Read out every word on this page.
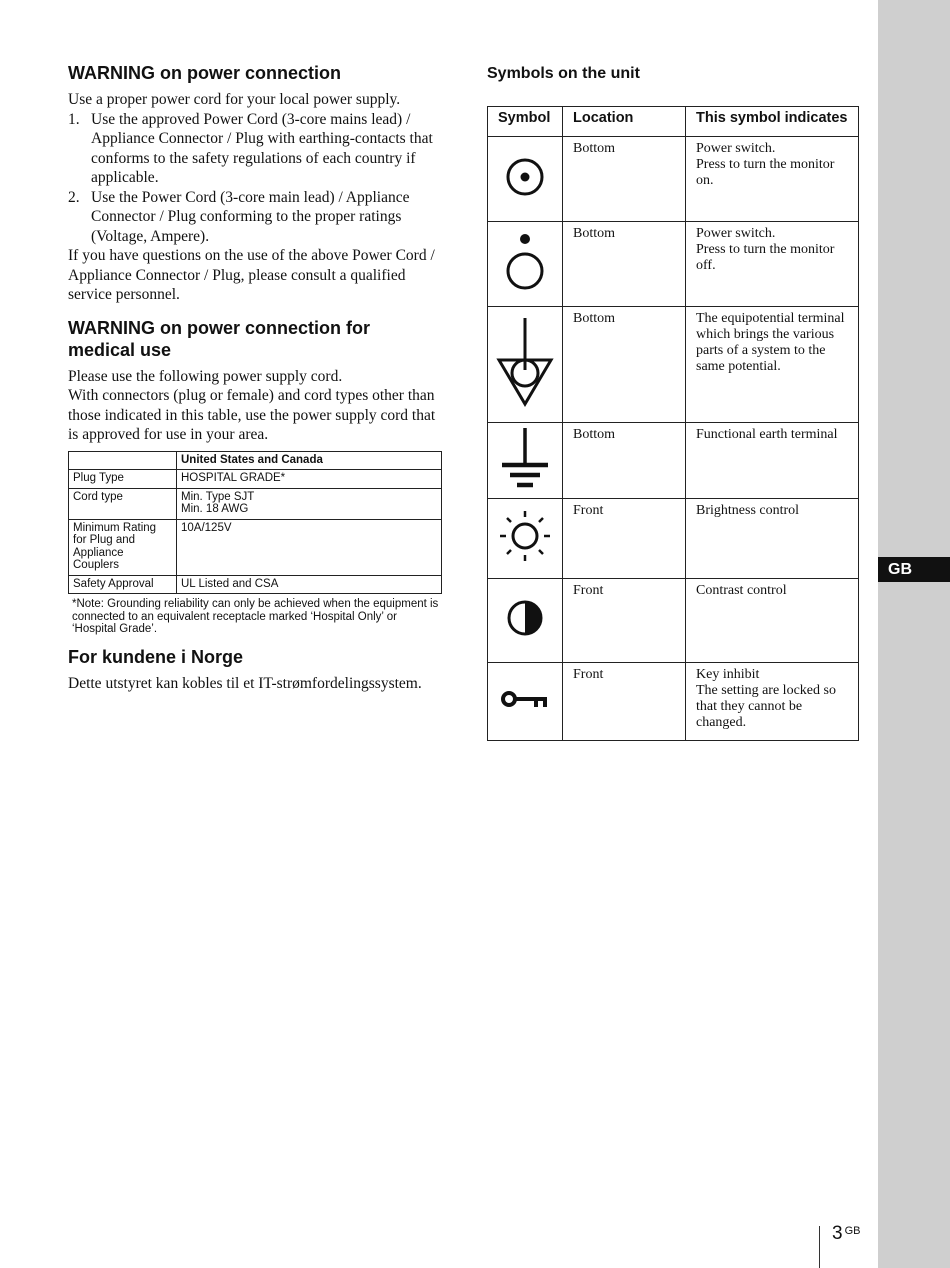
GB
WARNING on power connection

Use a proper power cord for your local power supply.

1. Use the approved Power Cord (3-core mains lead) / Appliance Connector / Plug with earthing-contacts that conforms to the safety regulations of each country if applicable.
2. Use the Power Cord (3-core main lead) / Appliance Connector / Plug conforming to the proper ratings (Voltage, Ampere).

If you have questions on the use of the above Power Cord / Appliance Connector / Plug, please consult a qualified service personnel.

WARNING on power connection for medical use

Please use the following power supply cord.

With connectors (plug or female) and cord types other than those indicated in this table, use the power supply cord that is approved for use in your area.

	United States and Canada
Plug Type	HOSPITAL GRADE*
Cord type	Min. Type SJT
Min. 18 AWG

Minimum Rating
for Plug and
Appliance
Couplers	10A/125V
Safety Approval	UL Listed and CSA

*Note: Grounding reliability can only be achieved when the equipment is connected to an equivalent receptacle marked ‘Hospital Only’ or ‘Hospital Grade’.

For kundene i Norge

Dette utstyret kan kobles til et IT-strømfordelingssystem.

Symbols on the unit
Symbol	Location	This symbol indicates
	Bottom	Power switch.
Press to turn the monitor on.

	Bottom	Power switch.
Press to turn the monitor off.

	Bottom	The equipotential terminal which brings the various parts of a system to the same potential.
	Bottom	Functional earth terminal
	Front	Brightness control
	Front	Contrast control
	Front	Key inhibit
The setting are locked so that they cannot be changed.
3 $^{GB}$
